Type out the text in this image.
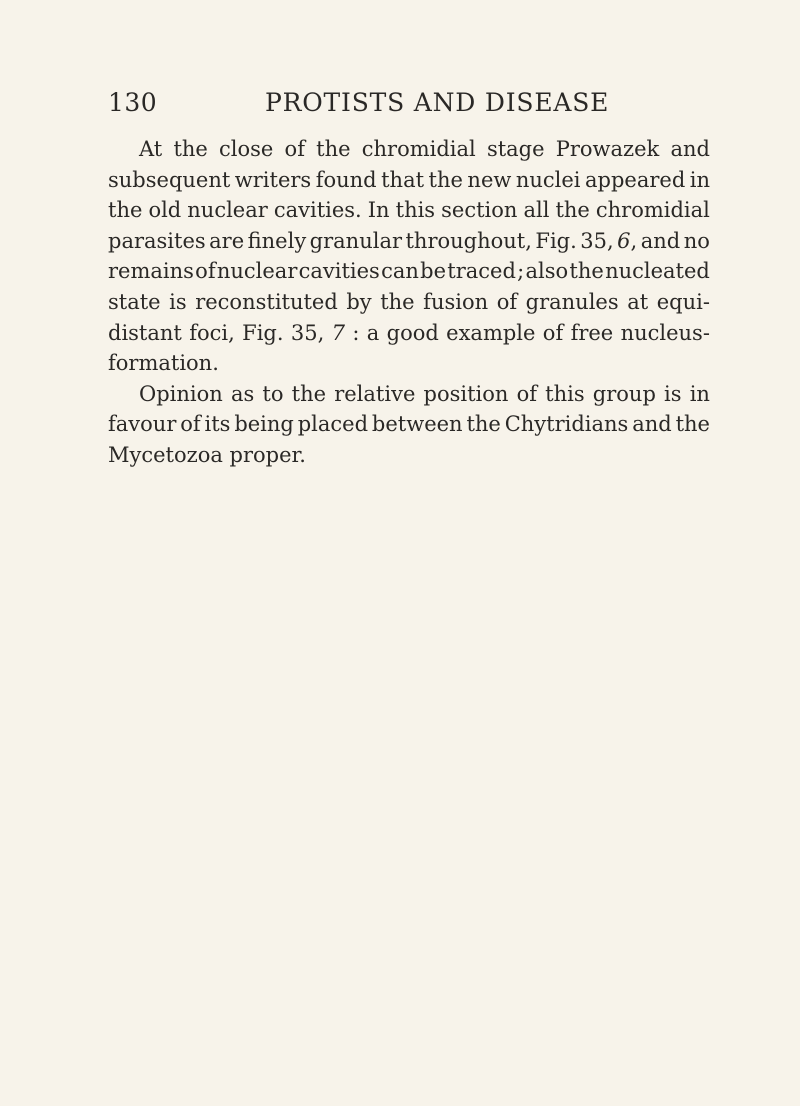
130	PROTISTS AND DISEASE
At the close of the chromidial stage Prowazek and
subsequent writers found that the new nuclei appeared in
the old nuclear cavities. In this section all the chromidial
parasites are finely granular throughout, Fig. 35, 6, and no
remains of nuclear cavities can be traced ; also the nucleated
state is reconstituted by the fusion of granules at equi-
distant foci, Fig. 35, 7 : a good example of free nucleus-
formation.
Opinion as to the relative position of this group is in
favour of its being placed between the Chytridians and the
Mycetozoa proper.
